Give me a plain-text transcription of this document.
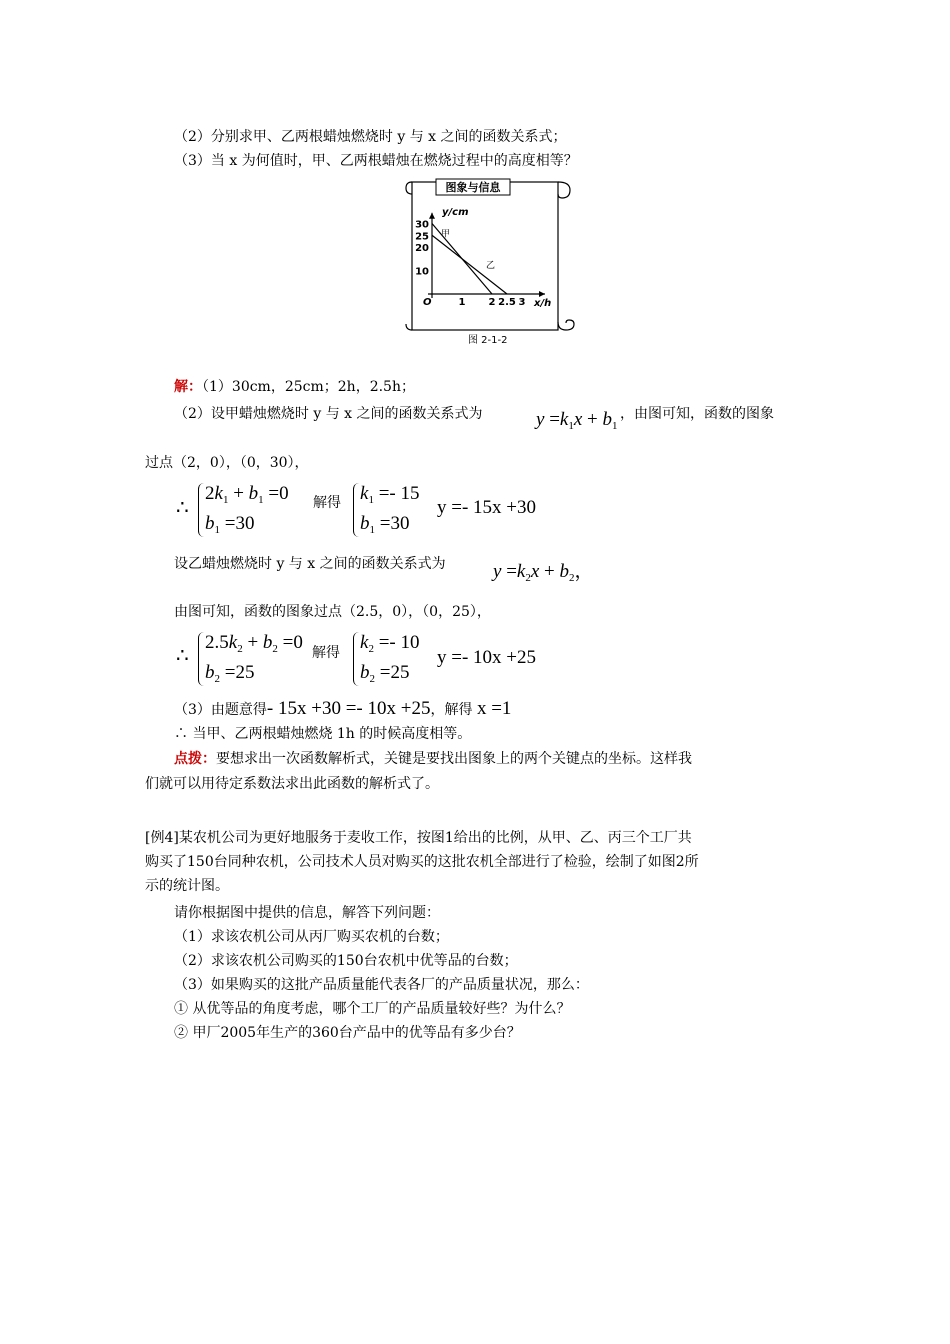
（2）分别求甲、乙两根蜡烛燃烧时 y 与 x 之间的函数关系式；
（3）当 x 为何值时，甲、乙两根蜡烛在燃烧过程中的高度相等？
图象与信息
y/cm
x/h
O
30
25
20
10
1 2 2.5 3
甲
乙
图 2-1-2
解：（1）30cm，25cm；2h，2.5h；
（2）设甲蜡烛燃烧时 y 与 x 之间的函数关系式为	$y =k_1x + b_1$
，由图可知，函数的图象
过点（2，0），（0，30），
∴
$2k_1 + b_1 =0$
$b_1 =30$
解得 $k_1 =- 15$
$b_1 =30$
y =- 15x +30
设乙蜡烛燃烧时 y 与 x 之间的函数关系式为 $y =k_2x + b_2$，
由图可知，函数的图象过点（2.5，0），（0，25），
∴
$2.5k_2 + b_2 =0$
$b_2 =25$
解得 $k_2 =- 10$
$b_2 =25$
y =- 10x +25
（3）由题意得- 15x +30 =- 10x +25，解得 x =1
∴ 当甲、乙两根蜡烛燃烧 1h 的时候高度相等。
点拨：要想求出一次函数解析式，关键是要找出图象上的两个关键点的坐标。这样我
们就可以用待定系数法求出此函数的解析式了。
[例4]某农机公司为更好地服务于麦收工作，按图1给出的比例，从甲、乙、丙三个工厂共
购买了150台同种农机，公司技术人员对购买的这批农机全部进行了检验，绘制了如图2所
示的统计图。
请你根据图中提供的信息，解答下列问题：
（1）求该农机公司从丙厂购买农机的台数；
（2）求该农机公司购买的150台农机中优等品的台数；
（3）如果购买的这批产品质量能代表各厂的产品质量状况，那么：
① 从优等品的角度考虑，哪个工厂的产品质量较好些？为什么？
② 甲厂2005年生产的360台产品中的优等品有多少台？
